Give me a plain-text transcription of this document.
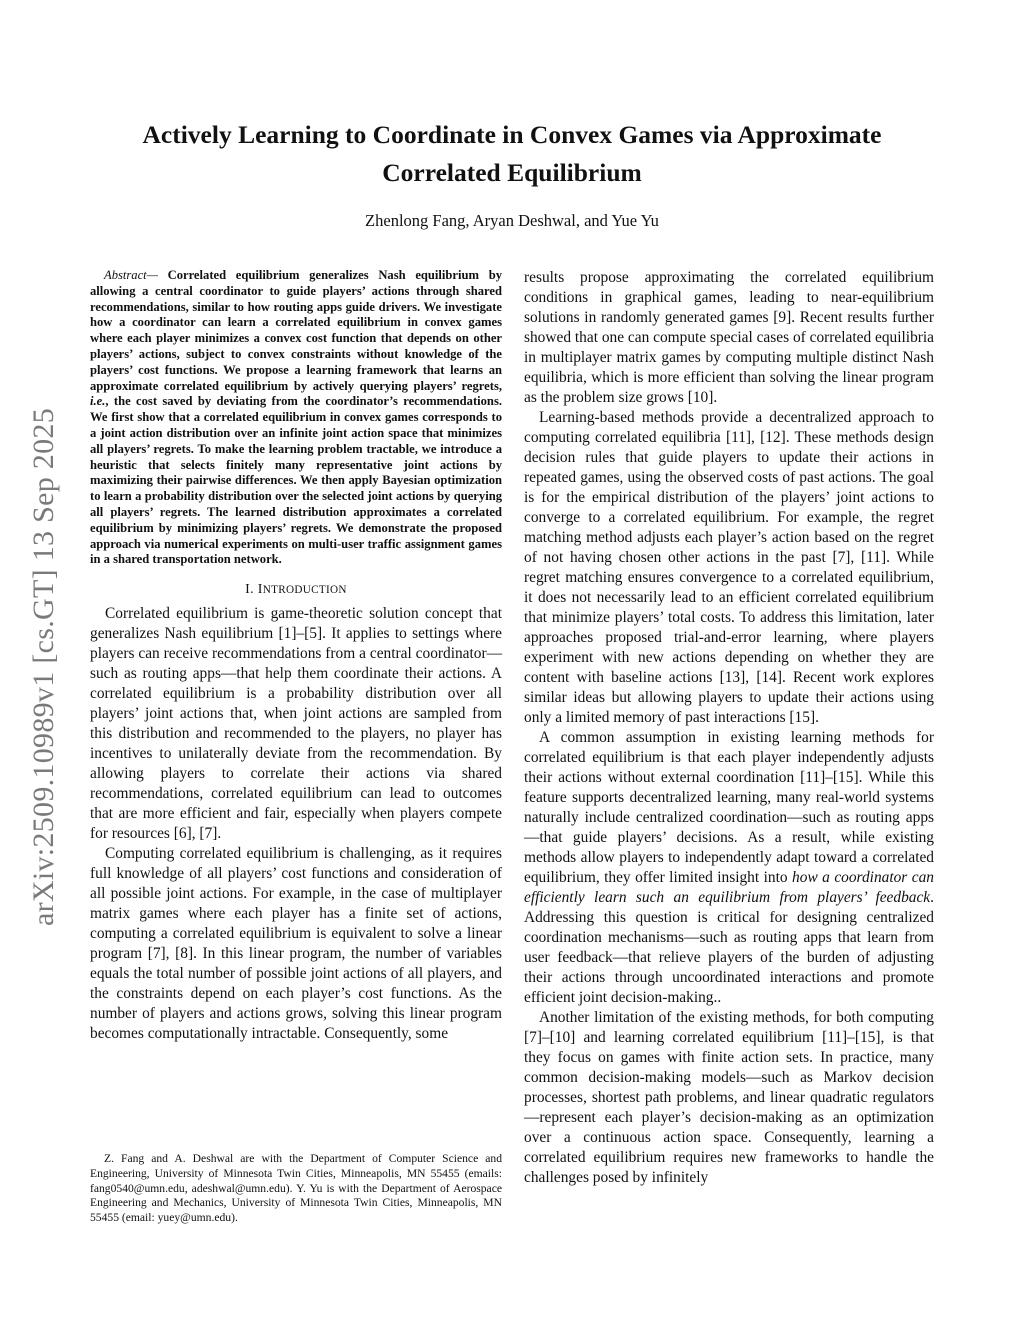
Actively Learning to Coordinate in Convex Games via Approximate Correlated Equilibrium
Zhenlong Fang, Aryan Deshwal, and Yue Yu
arXiv:2509.10989v1 [cs.GT] 13 Sep 2025

Abstract— Correlated equilibrium generalizes Nash equilibrium by allowing a central coordinator to guide players’ actions through shared recommendations, similar to how routing apps guide drivers. We investigate how a coordinator can learn a correlated equilibrium in convex games where each player minimizes a convex cost function that depends on other players’ actions, subject to convex constraints without knowledge of the players’ cost functions. We propose a learning framework that learns an approximate correlated equilibrium by actively querying players’ regrets, i.e., the cost saved by deviating from the coordinator’s recommendations. We first show that a correlated equilibrium in convex games corresponds to a joint action distribution over an infinite joint action space that minimizes all players’ regrets. To make the learning problem tractable, we introduce a heuristic that selects finitely many representative joint actions by maximizing their pairwise differences. We then apply Bayesian optimization to learn a probability distribution over the selected joint actions by querying all players’ regrets. The learned distribution approximates a correlated equilibrium by minimizing players’ regrets. We demonstrate the proposed approach via numerical experiments on multi-user traffic assignment games in a shared transportation network.

I. INTRODUCTION

Correlated equilibrium is game-theoretic solution concept that generalizes Nash equilibrium [1]–[5]. It applies to settings where players can receive recommendations from a central coordinator—such as routing apps—that help them coordinate their actions. A correlated equilibrium is a probability distribution over all players’ joint actions that, when joint actions are sampled from this distribution and recommended to the players, no player has incentives to unilaterally deviate from the recommendation. By allowing players to correlate their actions via shared recommendations, correlated equilibrium can lead to outcomes that are more efficient and fair, especially when players compete for resources [6], [7].

Computing correlated equilibrium is challenging, as it requires full knowledge of all players’ cost functions and consideration of all possible joint actions. For example, in the case of multiplayer matrix games where each player has a finite set of actions, computing a correlated equilibrium is equivalent to solve a linear program [7], [8]. In this linear program, the number of variables equals the total number of possible joint actions of all players, and the constraints depend on each player’s cost functions. As the number of players and actions grows, solving this linear program becomes computationally intractable. Consequently, some

results propose approximating the correlated equilibrium conditions in graphical games, leading to near-equilibrium solutions in randomly generated games [9]. Recent results further showed that one can compute special cases of correlated equilibria in multiplayer matrix games by computing multiple distinct Nash equilibria, which is more efficient than solving the linear program as the problem size grows [10].

Learning-based methods provide a decentralized approach to computing correlated equilibria [11], [12]. These methods design decision rules that guide players to update their actions in repeated games, using the observed costs of past actions. The goal is for the empirical distribution of the players’ joint actions to converge to a correlated equilibrium. For example, the regret matching method adjusts each player’s action based on the regret of not having chosen other actions in the past [7], [11]. While regret matching ensures convergence to a correlated equilibrium, it does not necessarily lead to an efficient correlated equilibrium that minimize players’ total costs. To address this limitation, later approaches proposed trial-and-error learning, where players experiment with new actions depending on whether they are content with baseline actions [13], [14]. Recent work explores similar ideas but allowing players to update their actions using only a limited memory of past interactions [15].

A common assumption in existing learning methods for correlated equilibrium is that each player independently adjusts their actions without external coordination [11]–[15]. While this feature supports decentralized learning, many real-world systems naturally include centralized coordination—such as routing apps—that guide players’ decisions. As a result, while existing methods allow players to independently adapt toward a correlated equilibrium, they offer limited insight into how a coordinator can efficiently learn such an equilibrium from players’ feedback. Addressing this question is critical for designing centralized coordination mechanisms—such as routing apps that learn from user feedback—that relieve players of the burden of adjusting their actions through uncoordinated interactions and promote efficient joint decision-making..

Another limitation of the existing methods, for both computing [7]–[10] and learning correlated equilibrium [11]–[15], is that they focus on games with finite action sets. In practice, many common decision-making models—such as Markov decision processes, shortest path problems, and linear quadratic regulators—represent each player’s decision-making as an optimization over a continuous action space. Consequently, learning a correlated equilibrium requires new frameworks to handle the challenges posed by infinitely

Z. Fang and A. Deshwal are with the Department of Computer Science and Engineering, University of Minnesota Twin Cities, Minneapolis, MN 55455 (emails: fang0540@umn.edu, adeshwal@umn.edu). Y. Yu is with the Department of Aerospace Engineering and Mechanics, University of Minnesota Twin Cities, Minneapolis, MN 55455 (email: yuey@umn.edu).
